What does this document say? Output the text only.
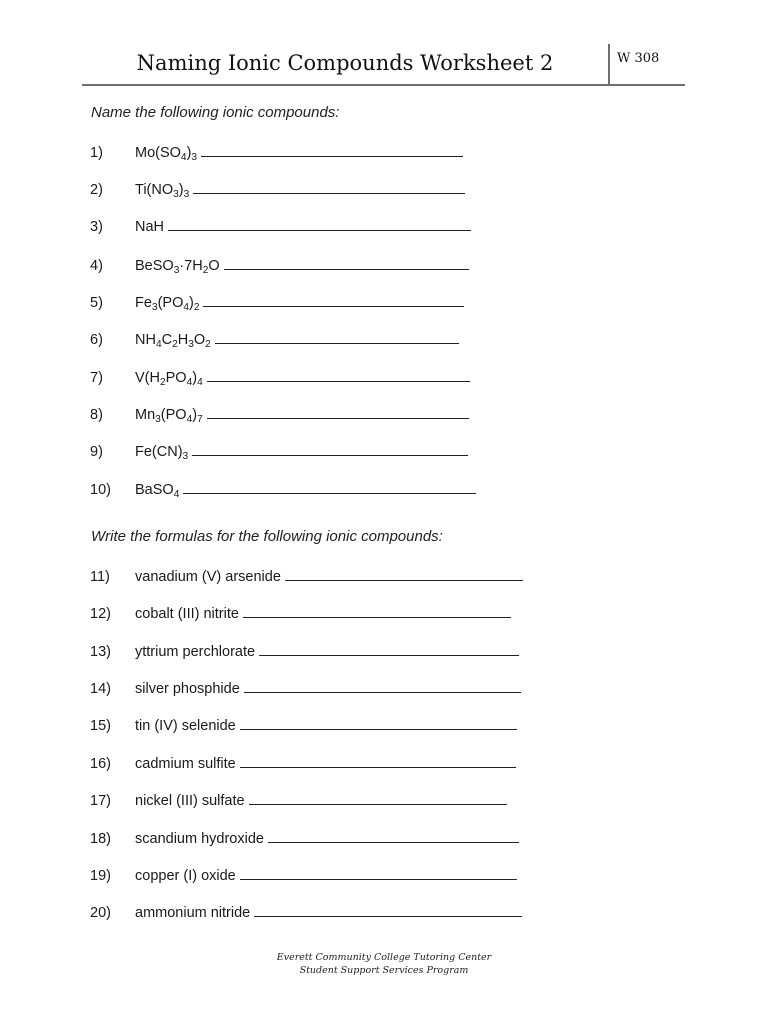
Naming Ionic Compounds Worksheet 2	W 308
Name the following ionic compounds:
1)	$Mo(SO_4)_3$
2)	$Ti(NO_3)_3$
3)	NaH
4)	$BeSO_3\cdot 7H_2O$
5)	$Fe_3(PO_4)_2$
6)	$NH_4C_2H_3O_2$
7)	$V(H_2PO_4)_4$
8)	$Mn_3(PO_4)_7$
9)	$Fe(CN)_3$
10)	BaSO$_4$
Write the formulas for the following ionic compounds:
11)	vanadium (V) arsenide
12)	cobalt (III) nitrite
13)	yttrium perchlorate
14)	silver phosphide
15)	tin (IV) selenide
16)	cadmium sulfite
17)	nickel (III) sulfate
18)	scandium hydroxide
19)	copper (I) oxide
20)	ammonium nitride
Everett Community College Tutoring Center
Student Support Services Program
